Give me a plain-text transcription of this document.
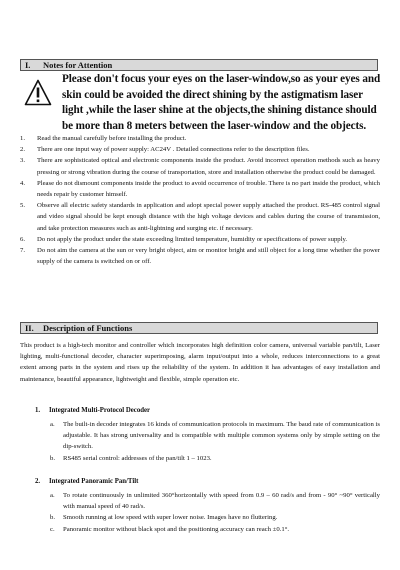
I. Notes for Attention
Please don't focus your eyes on the laser-window,so as your eyes and skin could be avoided the direct shining by the astigmatism laser light ,while the laser shine at the objects,the shining distance should be more than 8 meters between the laser-window and the objects.
1. Read the manual carefully before installing the product.
2. There are one input way of power supply: AC24V . Detailed connections refer to the description files.
3. There are sophisticated optical and electronic components inside the product. Avoid incorrect operation methods such as heavy pressing or strong vibration during the course of transportation, store and installation otherwise the product could be damaged.
4. Please do not dismount components inside the product to avoid occurrence of trouble. There is no part inside the product, which needs repair by customer himself.
5. Observe all electric safety standards in application and adopt special power supply attached the product. RS-485 control signal and video signal should be kept enough distance with the high voltage devices and cables during the course of transmission, and take protection measures such as anti-lightning and surging etc. if necessary.
6. Do not apply the product under the state exceeding limited temperature, humidity or specifications of power supply.
7. Do not aim the camera at the sun or very bright object, aim or monitor bright and still object for a long time whether the power supply of the camera is switched on or off.
II. Description of Functions
This product is a high-tech monitor and controller which incorporates high definition color camera, universal variable pan/tilt, Laser lighting, multi-functional decoder, character superimposing, alarm input/output into a whole, reduces interconnections to a great extent among parts in the system and rises up the reliability of the system. In addition it has advantages of easy installation and maintenance, beautiful appearance, lightweight and flexible, simple operation etc.
1. Integrated Multi-Protocol Decoder
a. The built-in decoder integrates 16 kinds of communication protocols in maximum. The baud rate of communication is adjustable. It has strong universality and is compatible with multiple common systems only by simple setting on the dip-switch.
b. RS485 serial control: addresses of the pan/tilt 1 – 1023.
2. Integrated Panoramic Pan/Tilt
a. To rotate continuously in unlimited 360°horizontally with speed from 0.9 – 60 rad/s and from - 90° ~90° vertically with manual speed of 40 rad/s.
b. Smooth running at low speed with super lower noise. Images have no fluttering.
c. Panoramic monitor without black spot and the positioning accuracy can reach ±0.1°.
